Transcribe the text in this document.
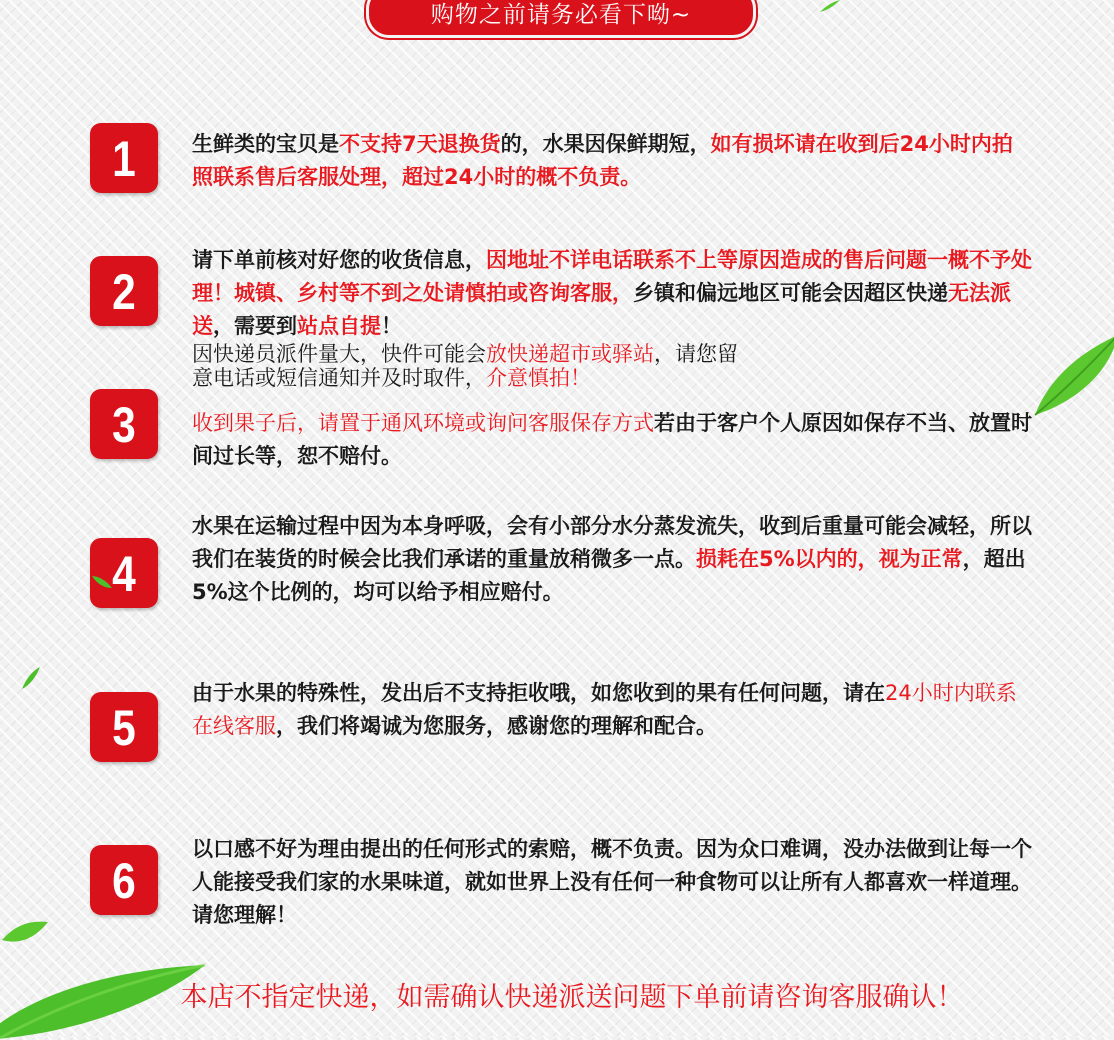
购物之前请务必看下呦~
1	生鲜类的宝贝是不支持7天退换货的，水果因保鲜期短，如有损坏请在收到后24小时内拍照联系售后客服处理，超过24小时的概不负责。
2
请下单前核对好您的收货信息，因地址不详电话联系不上等原因造成的售后问题一概不予处理！城镇、乡村等不到之处请慎拍或咨询客服，乡镇和偏远地区可能会因超区快递无法派送，需要到站点自提！
3
因快递员派件量大，快件可能会放快递超市或驿站，请您留意电话或短信通知并及时取件，介意慎拍！
收到果子后，请置于通风环境或询问客服保存方式若由于客户个人原因如保存不当、放置时间过长等，恕不赔付。
4
水果在运输过程中因为本身呼吸，会有小部分水分蒸发流失，收到后重量可能会减轻，所以我们在装货的时候会比我们承诺的重量放稍微多一点。损耗在5%以内的，视为正常，超出5%这个比例的，均可以给予相应赔付。
5
由于水果的特殊性，发出后不支持拒收哦，如您收到的果有任何问题，请在24小时内联系在线客服，我们将竭诚为您服务，感谢您的理解和配合。
6
以口感不好为理由提出的任何形式的索赔，概不负责。因为众口难调，没办法做到让每一个人能接受我们家的水果味道，就如世界上没有任何一种食物可以让所有人都喜欢一样道理。请您理解！
本店不指定快递，如需确认快递派送问题下单前请咨询客服确认！
